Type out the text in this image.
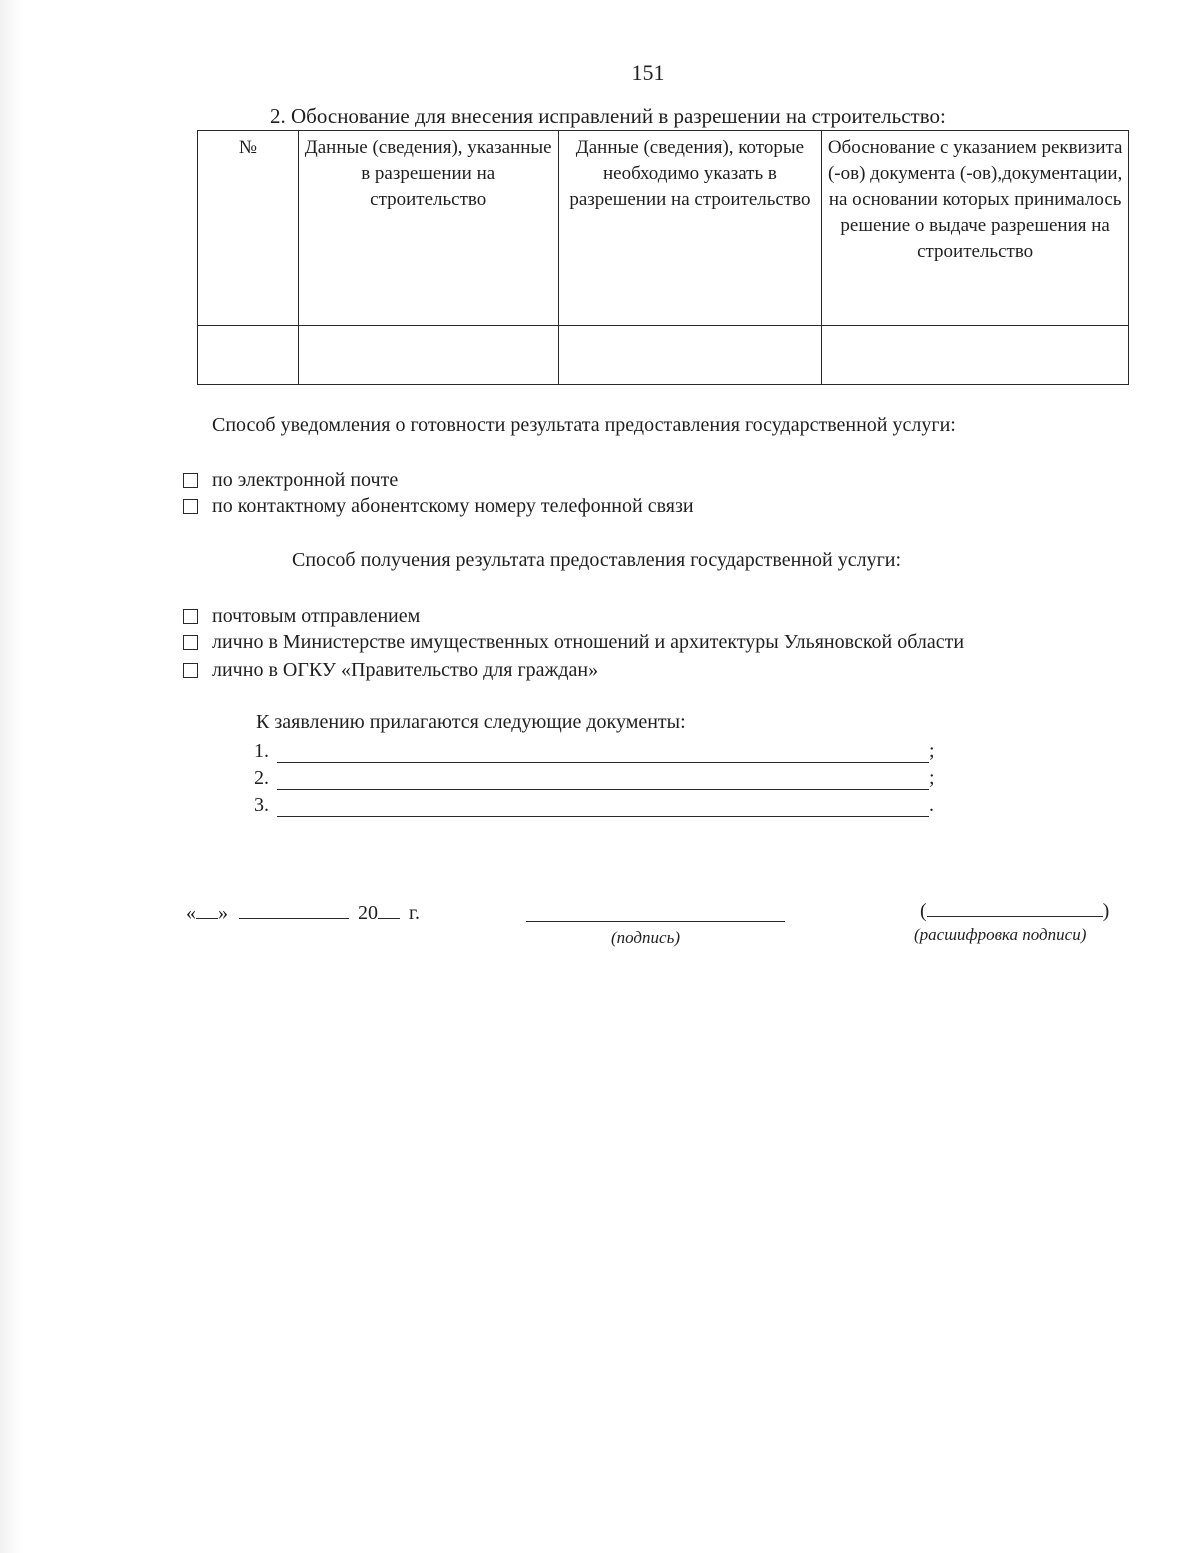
151
2. Обоснование для внесения исправлений в разрешении на строительство:
№	Данные (сведения), указанные в разрешении на строительство	Данные (сведения), которые необходимо указать в разрешении на строительство	Обоснование с указанием реквизита (-ов) документа (-ов),документации, на основании которых принималось решение о выдаче разрешения на строительство

Способ уведомления о готовности результата предоставления государственной услуги:
по электронной почте
по контактному абонентскому номеру телефонной связи
Способ получения результата предоставления государственной услуги:
почтовым отправлением
лично в Министерстве имущественных отношений и архитектуры Ульяновской области
лично в ОГКУ «Правительство для граждан»
К заявлению прилагаются следующие документы:
1.	;
2.	;
3.	.
« »	20 г.
(подпись)
(	)
(расшифровка подписи)
